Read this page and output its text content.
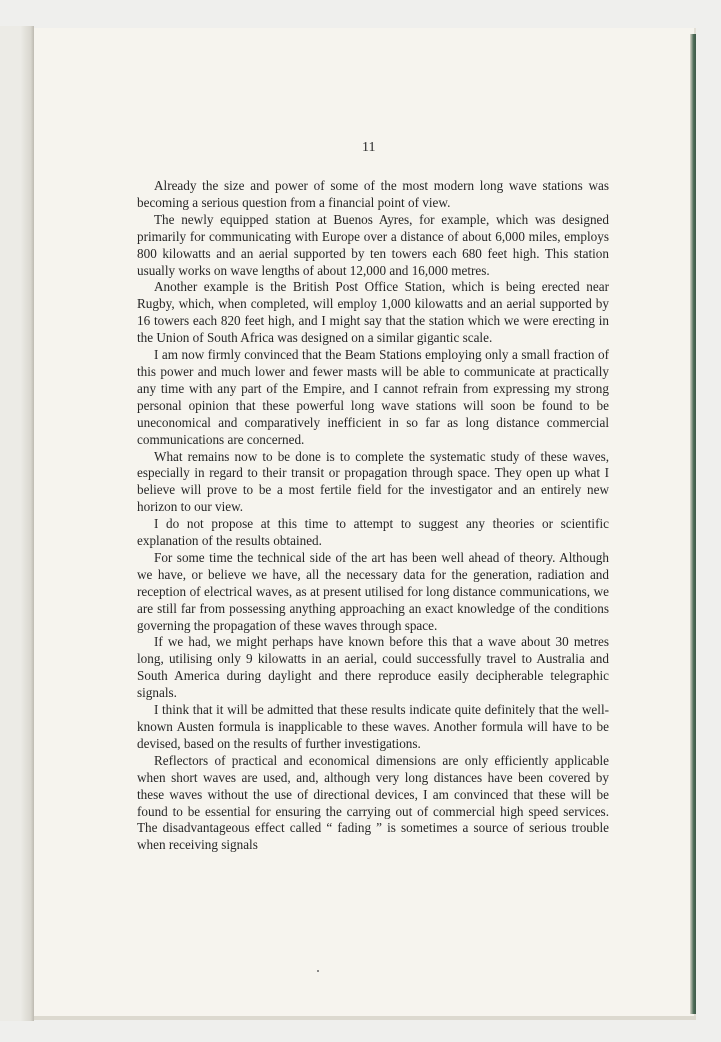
11

Already the size and power of some of the most modern long wave stations was becoming a serious question from a financial point of view.

The newly equipped station at Buenos Ayres, for example, which was designed primarily for communicating with Europe over a distance of about 6,000 miles, employs 800 kilowatts and an aerial supported by ten towers each 680 feet high. This station usually works on wave lengths of about 12,000 and 16,000 metres.

Another example is the British Post Office Station, which is being erected near Rugby, which, when completed, will employ 1,000 kilowatts and an aerial supported by 16 towers each 820 feet high, and I might say that the station which we were erecting in the Union of South Africa was designed on a similar gigantic scale.

I am now firmly convinced that the Beam Stations employing only a small fraction of this power and much lower and fewer masts will be able to communicate at practically any time with any part of the Empire, and I cannot refrain from expressing my strong personal opinion that these powerful long wave stations will soon be found to be uneconomical and comparatively inefficient in so far as long distance commercial communications are concerned.

What remains now to be done is to complete the systematic study of these waves, especially in regard to their transit or propagation through space. They open up what I believe will prove to be a most fertile field for the investigator and an entirely new horizon to our view.

I do not propose at this time to attempt to suggest any theories or scientific explanation of the results obtained.

For some time the technical side of the art has been well ahead of theory. Although we have, or believe we have, all the necessary data for the generation, radiation and reception of electrical waves, as at present utilised for long distance communications, we are still far from possessing anything approaching an exact knowledge of the conditions governing the propagation of these waves through space.

If we had, we might perhaps have known before this that a wave about 30 metres long, utilising only 9 kilowatts in an aerial, could successfully travel to Australia and South America during daylight and there reproduce easily decipherable telegraphic signals.

I think that it will be admitted that these results indicate quite definitely that the well-known Austen formula is inapplicable to these waves. Another formula will have to be devised, based on the results of further investigations.

Reflectors of practical and economical dimensions are only efficiently applicable when short waves are used, and, although very long distances have been covered by these waves without the use of directional devices, I am convinced that these will be found to be essential for ensuring the carrying out of commercial high speed services. The disadvantageous effect called “ fading ” is sometimes a source of serious trouble when receiving signals
